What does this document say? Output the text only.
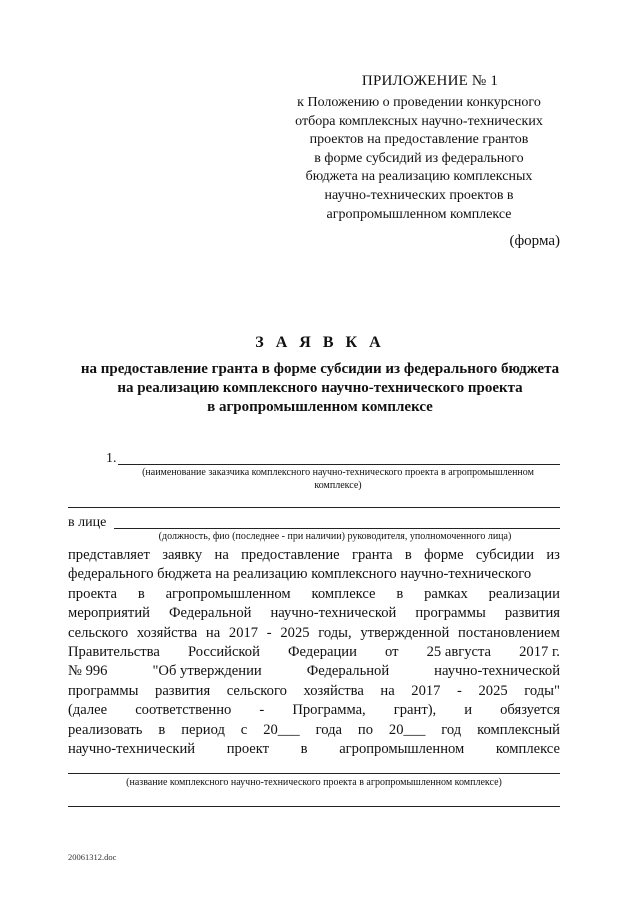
ПРИЛОЖЕНИЕ № 1
к Положению о проведении конкурсного
отбора комплексных научно-технических
проектов на предоставление грантов
в форме субсидий из федерального
бюджета на реализацию комплексных
научно-технических проектов в
агропромышленном комплексе
(форма)
З А Я В К А
на предоставление гранта в форме субсидии из федерального бюджета
на реализацию комплексного научно-технического проекта
в агропромышленном комплексе
1.
(наименование заказчика комплексного научно-технического проекта в агропромышленном
комплексе)
в лице
(должность, фио (последнее - при наличии) руководителя, уполномоченного лица)
представляет заявку на предоставление гранта в форме субсидии из
федерального бюджета на реализацию комплексного научно-технического
проекта в агропромышленном комплексе в рамках реализации
мероприятий Федеральной научно-технической программы развития
сельского хозяйства на 2017 - 2025 годы, утвержденной постановлением
Правительства Российской Федерации от 25 августа 2017 г.
№ 996	"Об утверждении	Федеральной	научно-технической
программы развития сельского хозяйства на 2017 - 2025 годы"
(далее соответственно - Программа, грант), и обязуется
реализовать в период с 20___ года по 20___ год комплексный
научно-технический проект в агропромышленном комплексе
(название комплексного научно-технического проекта в агропромышленном комплексе)
20061312.doc
